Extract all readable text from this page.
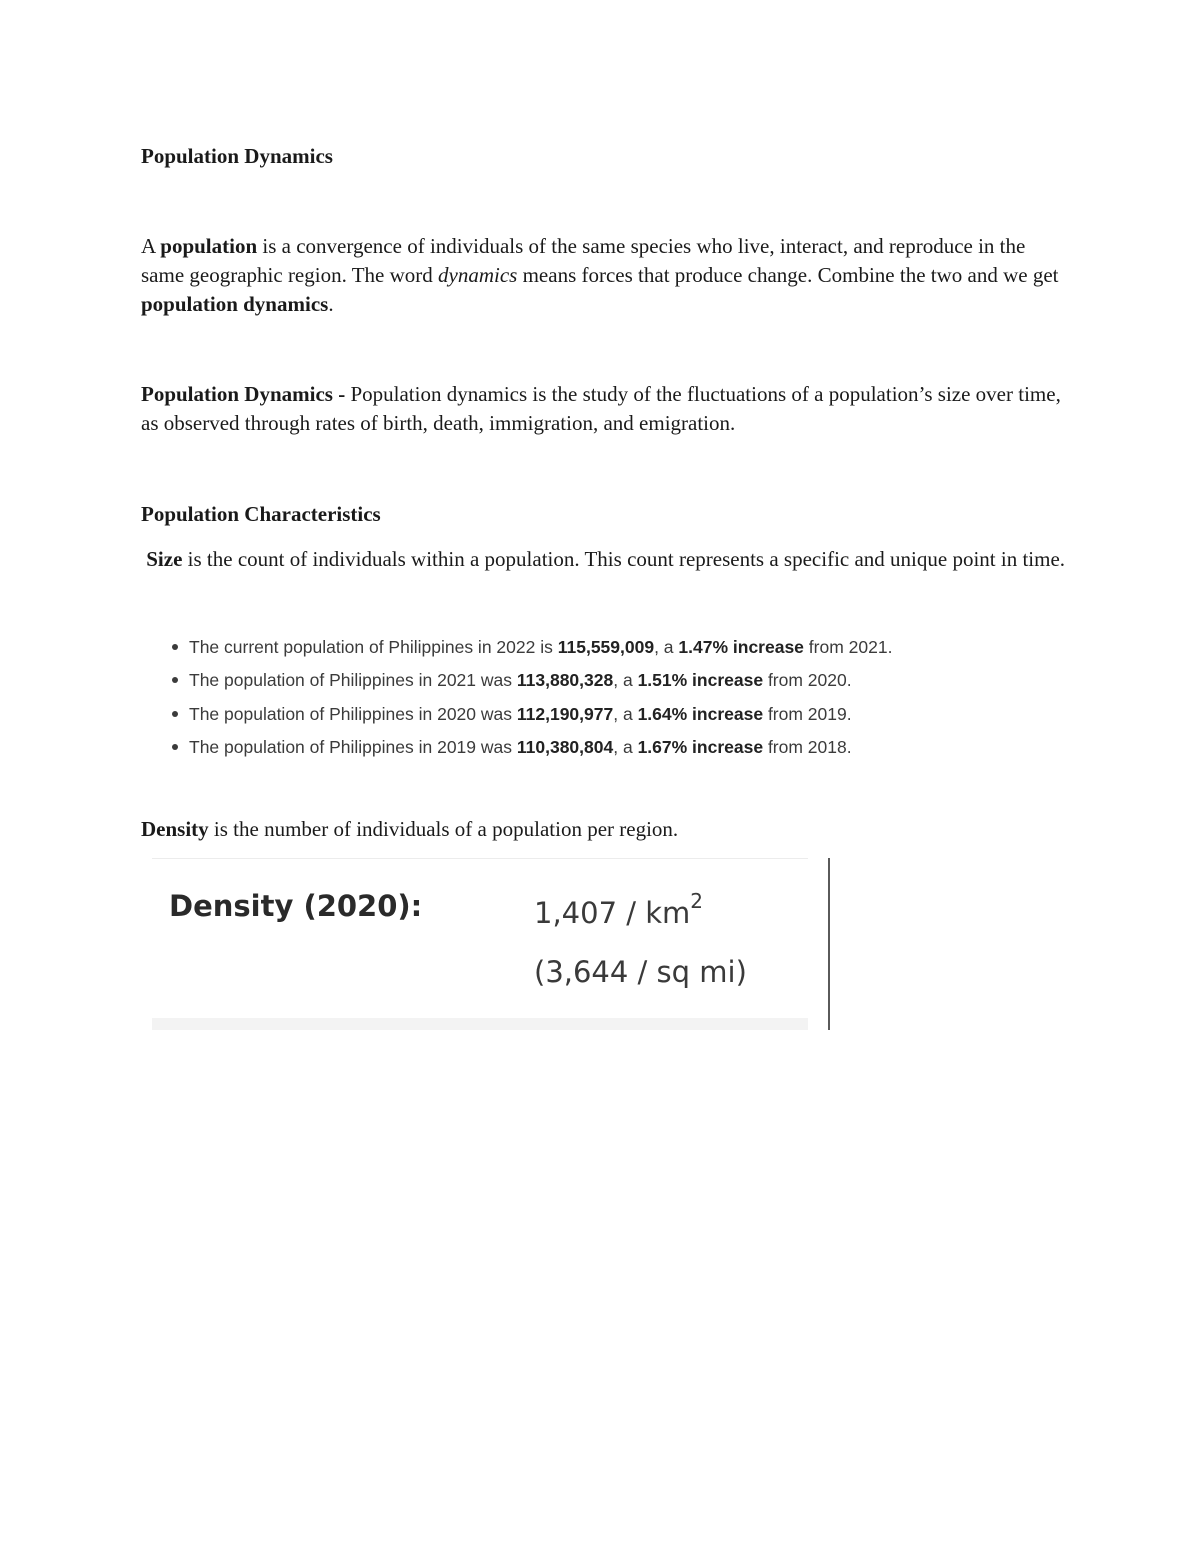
Population Dynamics

A population is a convergence of individuals of the same species who live, interact, and reproduce in the same geographic region. The word dynamics means forces that produce change. Combine the two and we get population dynamics.

Population Dynamics - Population dynamics is the study of the fluctuations of a population’s size over time, as observed through rates of birth, death, immigration, and emigration.

Population Characteristics

Size is the count of individuals within a population. This count represents a specific and unique point in time.

The current population of Philippines in 2022 is 115,559,009, a 1.47% increase from 2021.
The population of Philippines in 2021 was 113,880,328, a 1.51% increase from 2020.
The population of Philippines in 2020 was 112,190,977, a 1.64% increase from 2019.
The population of Philippines in 2019 was 110,380,804, a 1.67% increase from 2018.

Density is the number of individuals of a population per region.

Density (2020):	$1,407 / km^2$
(3,644 / sq mi)
